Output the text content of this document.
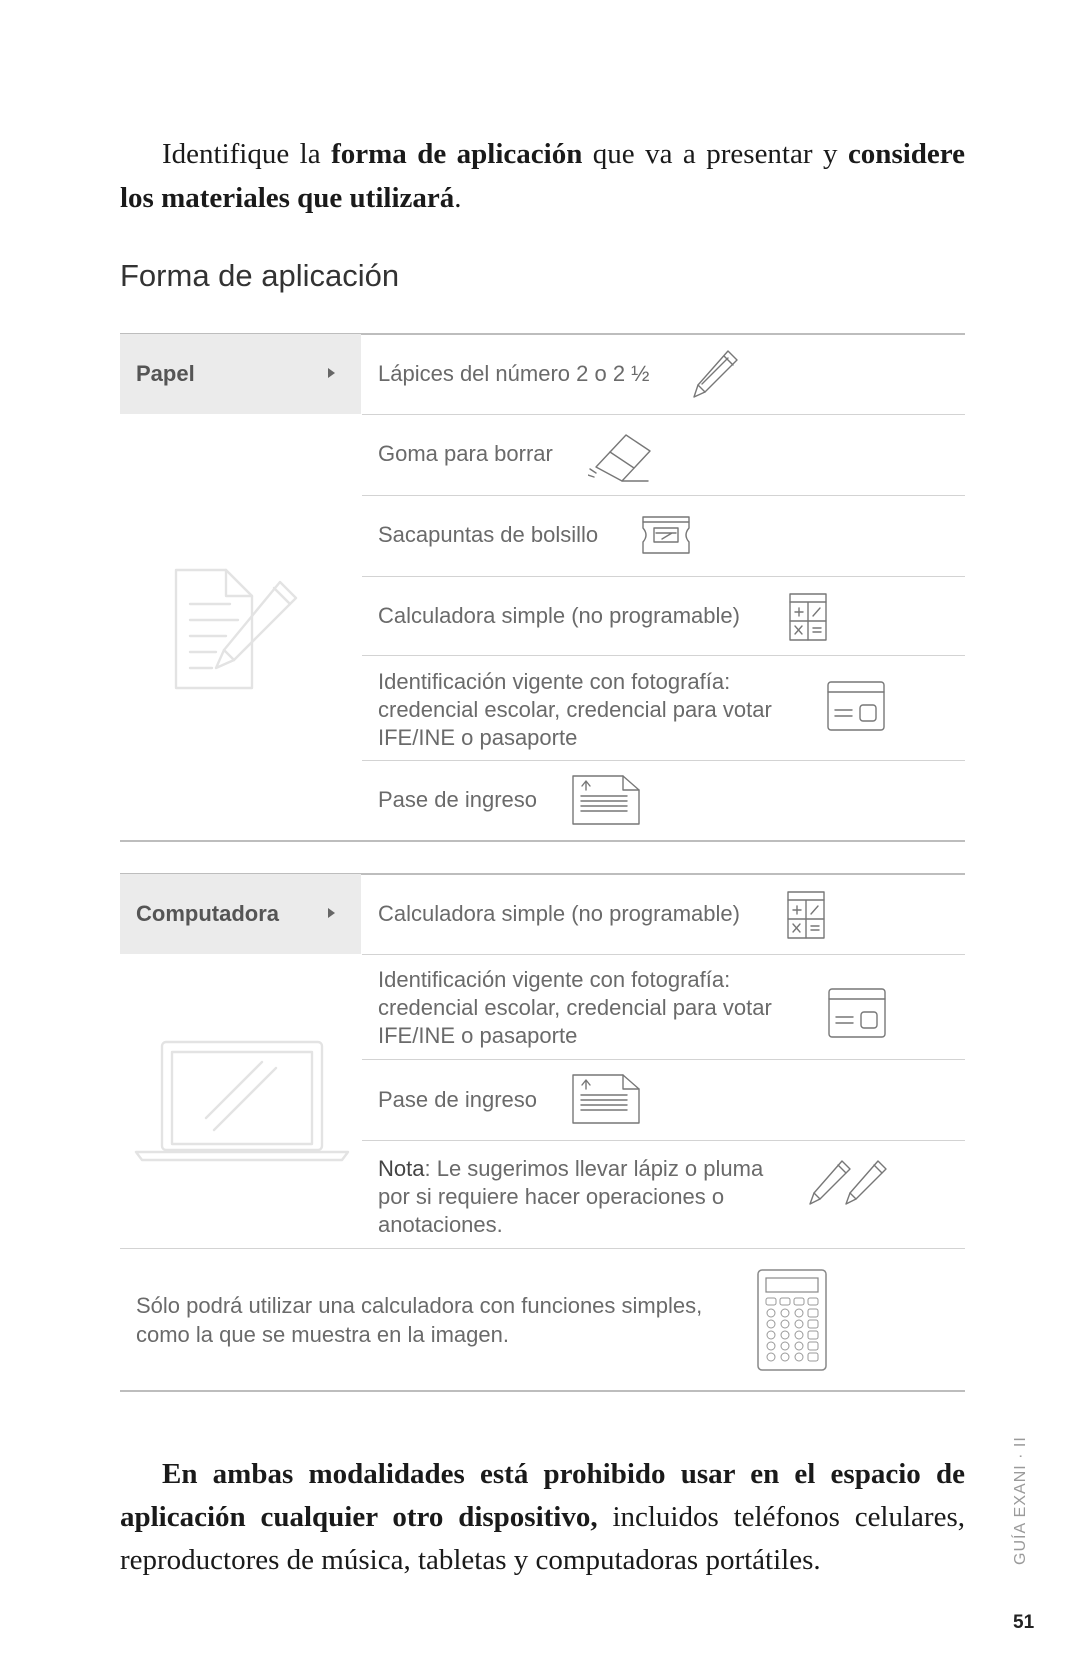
Identifique la forma de aplicación que va a presentar y considere los materiales que utilizará.

Forma de aplicación
Papel	Lápices del número 2 o 2 ½
Goma para borrar
Sacapuntas de bolsillo
Calculadora simple (no programable)
Identificación vigente con fotografía: credencial escolar, credencial para votar IFE/INE o pasaporte
Pase de ingreso
Computadora	Calculadora simple (no programable)
Identificación vigente con fotografía: credencial escolar, credencial para votar IFE/INE o pasaporte
Pase de ingreso
Nota: Le sugerimos llevar lápiz o pluma por si requiere hacer operaciones o anotaciones.
Sólo podrá utilizar una calculadora con funciones simples, como la que se muestra en la imagen.

En ambas modalidades está prohibido usar en el espacio de aplicación cualquier otro dispositivo, incluidos teléfonos celulares, reproductores de música, tabletas y computadoras portátiles.	GUÍA EXANI · II
51
